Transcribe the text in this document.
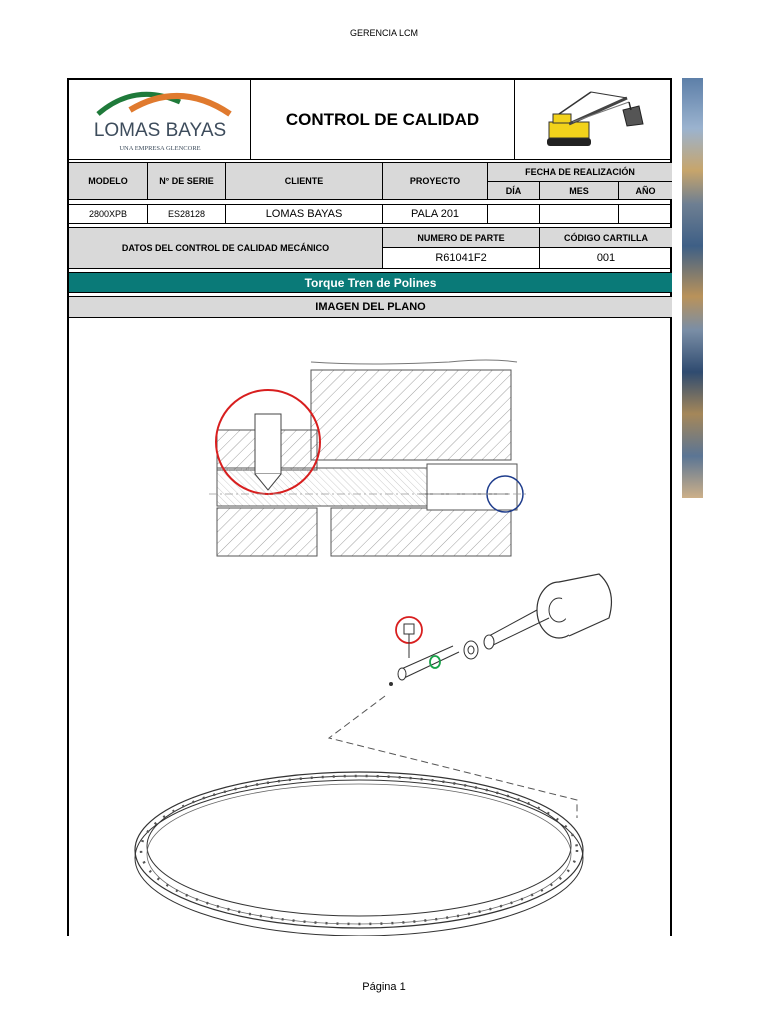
GERENCIA LCM
LOMAS BAYAS
UNA EMPRESA GLENCORE
CONTROL DE CALIDAD
MODELO	N° DE SERIE	CLIENTE	PROYECTO
FECHA DE REALIZACIÓN
DÍA	MES	AÑO
2800XPB	ES28128	LOMAS BAYAS	PALA 201
DATOS DEL CONTROL DE CALIDAD MECÁNICO
NUMERO DE PARTE	CÓDIGO CARTILLA
R61041F2	001
Torque Tren de Polines
IMAGEN DEL PLANO
Página 1
